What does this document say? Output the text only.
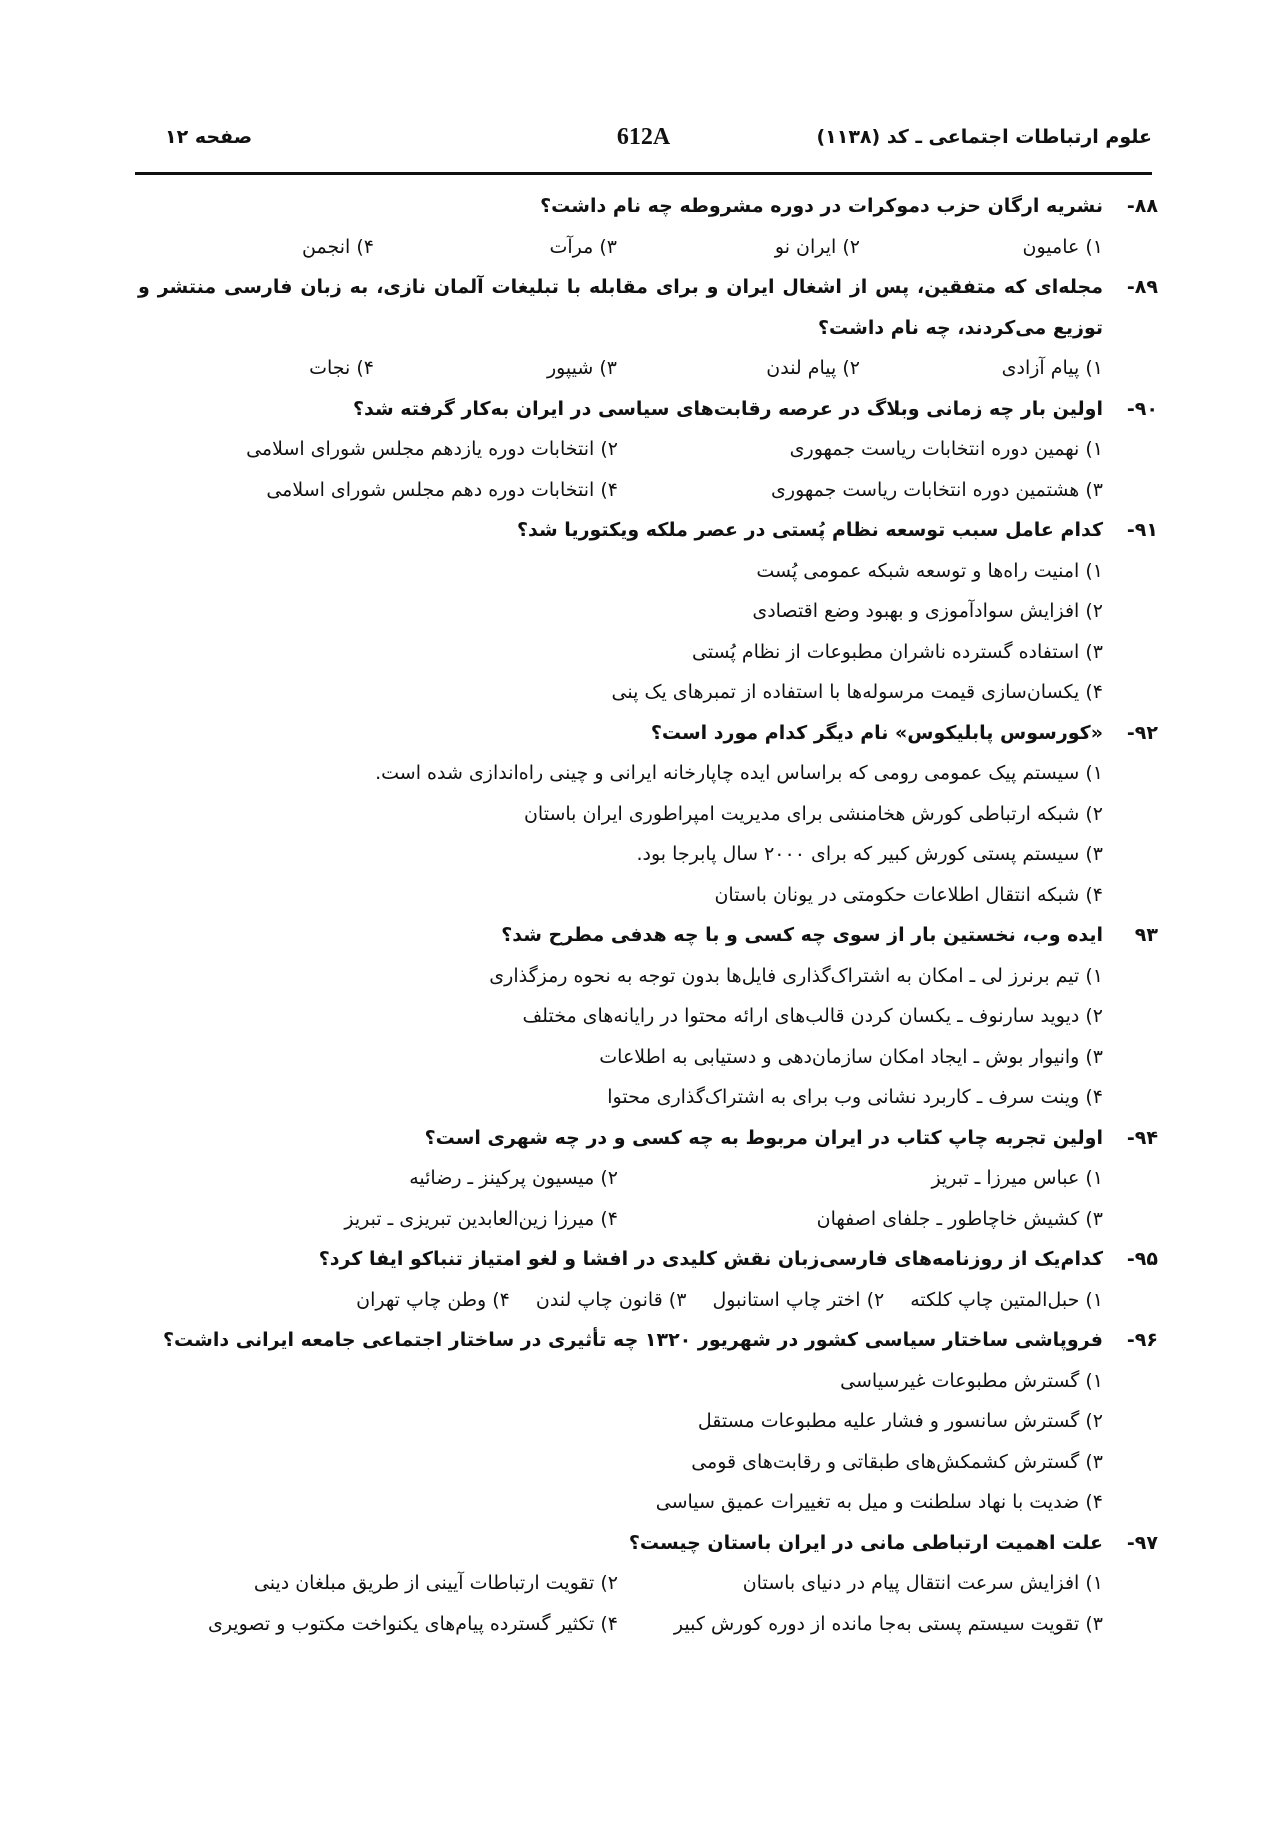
علوم ارتباطات اجتماعی ـ کد (۱۱۳۸)
612A
صفحه ۱۲
۸۸-
نشریه ارگان حزب دموکرات در دوره مشروطه چه نام داشت؟
۱) عامیون
۲) ایران نو
۳) مرآت
۴) انجمن
۸۹-
مجله‌ای که متفقین، پس از اشغال ایران و برای مقابله با تبلیغات آلمان نازی، به زبان فارسی منتشر و توزیع می‌کردند، چه نام داشت؟
۱) پیام آزادی
۲) پیام لندن
۳) شیپور
۴) نجات
۹۰-
اولین بار چه زمانی وبلاگ در عرصه رقابت‌های سیاسی در ایران به‌کار گرفته شد؟
۱) نهمین دوره انتخابات ریاست جمهوری
۲) انتخابات دوره یازدهم مجلس شورای اسلامی
۳) هشتمین دوره انتخابات ریاست جمهوری
۴) انتخابات دوره دهم مجلس شورای اسلامی
۹۱-
کدام عامل سبب توسعه نظام پُستی در عصر ملکه ویکتوریا شد؟
۱) امنیت راه‌ها و توسعه شبکه عمومی پُست
۲) افزایش سوادآموزی و بهبود وضع اقتصادی
۳) استفاده گسترده ناشران مطبوعات از نظام پُستی
۴) یکسان‌سازی قیمت مرسوله‌ها با استفاده از تمبرهای یک پنی
۹۲-
«کورسوس پابلیکوس» نام دیگر کدام مورد است؟
۱) سیستم پیک عمومی رومی که براساس ایده چاپارخانه ایرانی و چینی راه‌اندازی شده است.
۲) شبکه ارتباطی کورش هخامنشی برای مدیریت امپراطوری ایران باستان
۳) سیستم پستی کورش کبیر که برای ۲۰۰۰ سال پابرجا بود.
۴) شبکه انتقال اطلاعات حکومتی در یونان باستان
۹۳
ایده وب، نخستین بار از سوی چه کسی و با چه هدفی مطرح شد؟
۱) تیم برنرز لی ـ امکان به اشتراک‌گذاری فایل‌ها بدون توجه به نحوه رمزگذاری
۲) دیوید سارنوف ـ یکسان کردن قالب‌های ارائه محتوا در رایانه‌های مختلف
۳) وانیوار بوش ـ ایجاد امکان سازمان‌دهی و دستیابی به اطلاعات
۴) وینت سرف ـ کاربرد نشانی وب برای به اشتراک‌گذاری محتوا
۹۴-
اولین تجربه چاپ کتاب در ایران مربوط به چه کسی و در چه شهری است؟
۱) عباس میرزا ـ تبریز
۲) میسیون پرکینز ـ رضائیه
۳) کشیش خاچاطور ـ جلفای اصفهان
۴) میرزا زین‌العابدین تبریزی ـ تبریز
۹۵-
کدام‌یک از روزنامه‌های فارسی‌زبان نقش کلیدی در افشا و لغو امتیاز تنباکو ایفا کرد؟
۱) حبل‌المتین چاپ کلکته
۲) اختر چاپ استانبول
۳) قانون چاپ لندن
۴) وطن چاپ تهران
۹۶-
فروپاشی ساختار سیاسی کشور در شهریور ۱۳۲۰ چه تأثیری در ساختار اجتماعی جامعه ایرانی داشت؟
۱) گسترش مطبوعات غیرسیاسی
۲) گسترش سانسور و فشار علیه مطبوعات مستقل
۳) گسترش کشمکش‌های طبقاتی و رقابت‌های قومی
۴) ضدیت با نهاد سلطنت و میل به تغییرات عمیق سیاسی
۹۷-
علت اهمیت ارتباطی مانی در ایران باستان چیست؟
۱) افزایش سرعت انتقال پیام در دنیای باستان
۲) تقویت ارتباطات آیینی از طریق مبلغان دینی
۳) تقویت سیستم پستی به‌جا مانده از دوره کورش کبیر
۴) تکثیر گسترده پیام‌های یکنواخت مکتوب و تصویری
